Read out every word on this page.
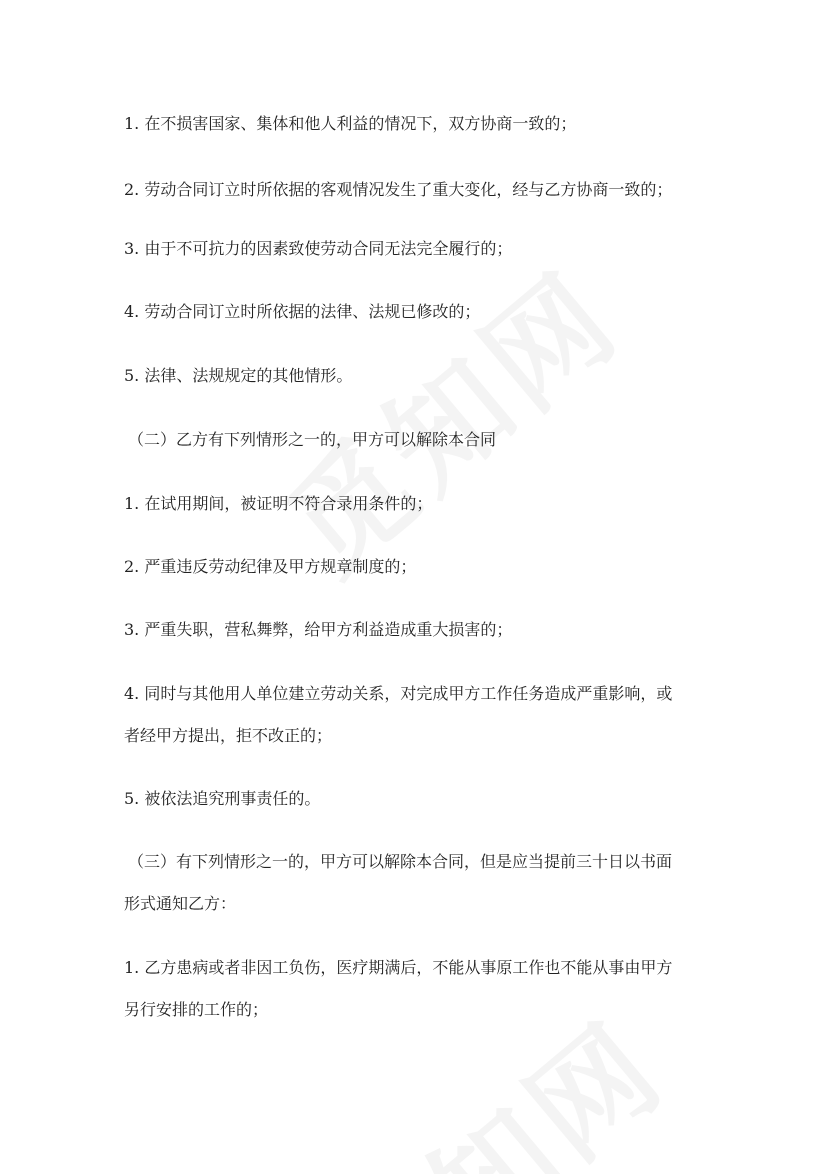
1. 在不损害国家、集体和他人利益的情况下，双方协商一致的；
2. 劳动合同订立时所依据的客观情况发生了重大变化，经与乙方协商一致的；
3. 由于不可抗力的因素致使劳动合同无法完全履行的；
4. 劳动合同订立时所依据的法律、法规已修改的；
5. 法律、法规规定的其他情形。
（二）乙方有下列情形之一的，甲方可以解除本合同
1. 在试用期间，被证明不符合录用条件的；
2. 严重违反劳动纪律及甲方规章制度的；
3. 严重失职，营私舞弊，给甲方利益造成重大损害的；
4. 同时与其他用人单位建立劳动关系，对完成甲方工作任务造成严重影响，或
者经甲方提出，拒不改正的；
5. 被依法追究刑事责任的。
（三）有下列情形之一的，甲方可以解除本合同，但是应当提前三十日以书面
形式通知乙方：
1. 乙方患病或者非因工负伤，医疗期满后，不能从事原工作也不能从事由甲方
另行安排的工作的；
